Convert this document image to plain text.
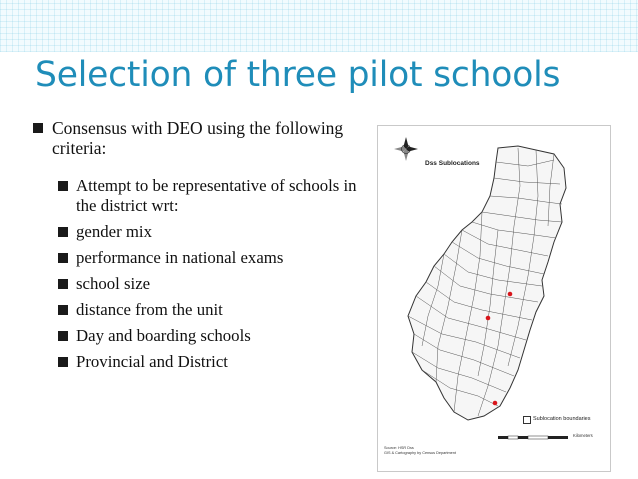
Selection of three pilot schools
Consensus with DEO using the following criteria:
Attempt to be representative of schools in the district wrt:
gender mix
performance in national exams
school size
distance from the unit
Day and boarding schools
Provincial and District
Dss Sublocations
Sublocation boundaries
Kilometers
Source: HSR Dss
GIS & Cartography by Census Department
